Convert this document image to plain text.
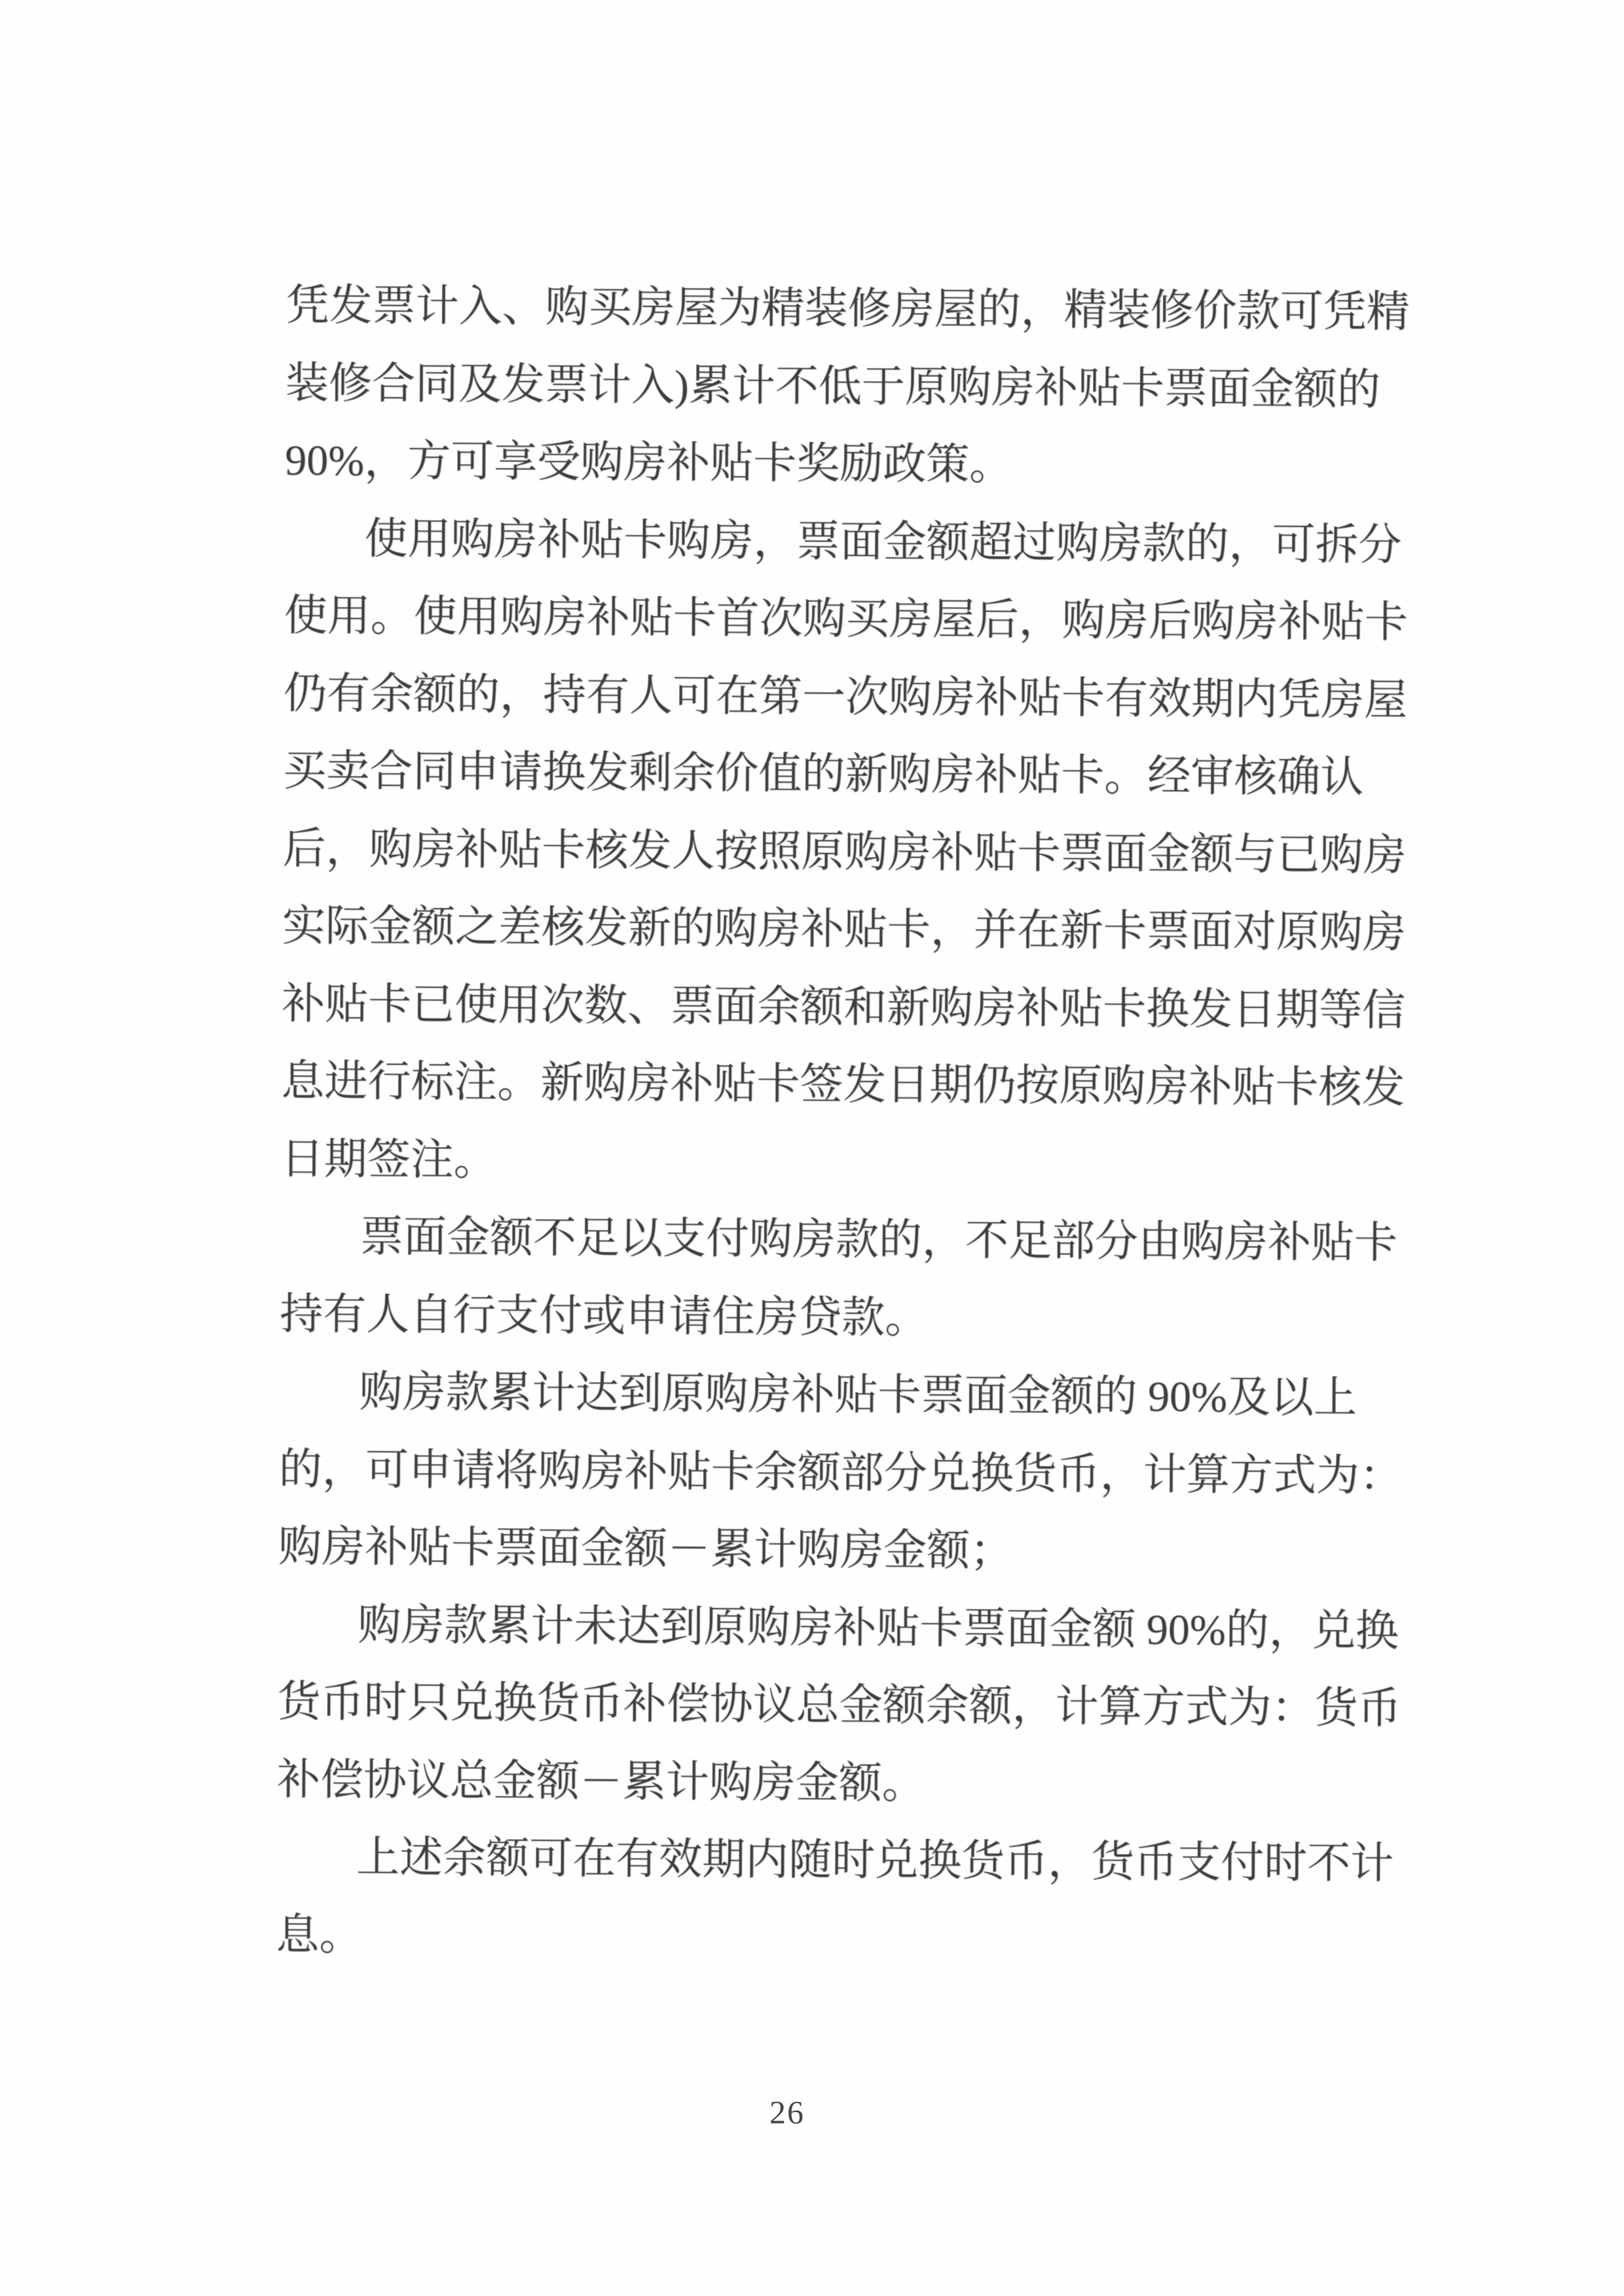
凭发票计入、购买房屋为精装修房屋的，精装修价款可凭精
装修合同及发票计入)累计不低于原购房补贴卡票面金额的
90%，方可享受购房补贴卡奖励政策。
使用购房补贴卡购房，票面金额超过购房款的，可拆分
使用。使用购房补贴卡首次购买房屋后，购房后购房补贴卡
仍有余额的，持有人可在第一次购房补贴卡有效期内凭房屋
买卖合同申请换发剩余价值的新购房补贴卡。经审核确认
后，购房补贴卡核发人按照原购房补贴卡票面金额与已购房
实际金额之差核发新的购房补贴卡，并在新卡票面对原购房
补贴卡已使用次数、票面余额和新购房补贴卡换发日期等信
息进行标注。新购房补贴卡签发日期仍按原购房补贴卡核发
日期签注。
票面金额不足以支付购房款的，不足部分由购房补贴卡
持有人自行支付或申请住房贷款。
购房款累计达到原购房补贴卡票面金额的 90%及以上
的，可申请将购房补贴卡余额部分兑换货币，计算方式为：
购房补贴卡票面金额－累计购房金额；
购房款累计未达到原购房补贴卡票面金额 90%的，兑换
货币时只兑换货币补偿协议总金额余额，计算方式为：货币
补偿协议总金额－累计购房金额。
上述余额可在有效期内随时兑换货币，货币支付时不计
息。
26
